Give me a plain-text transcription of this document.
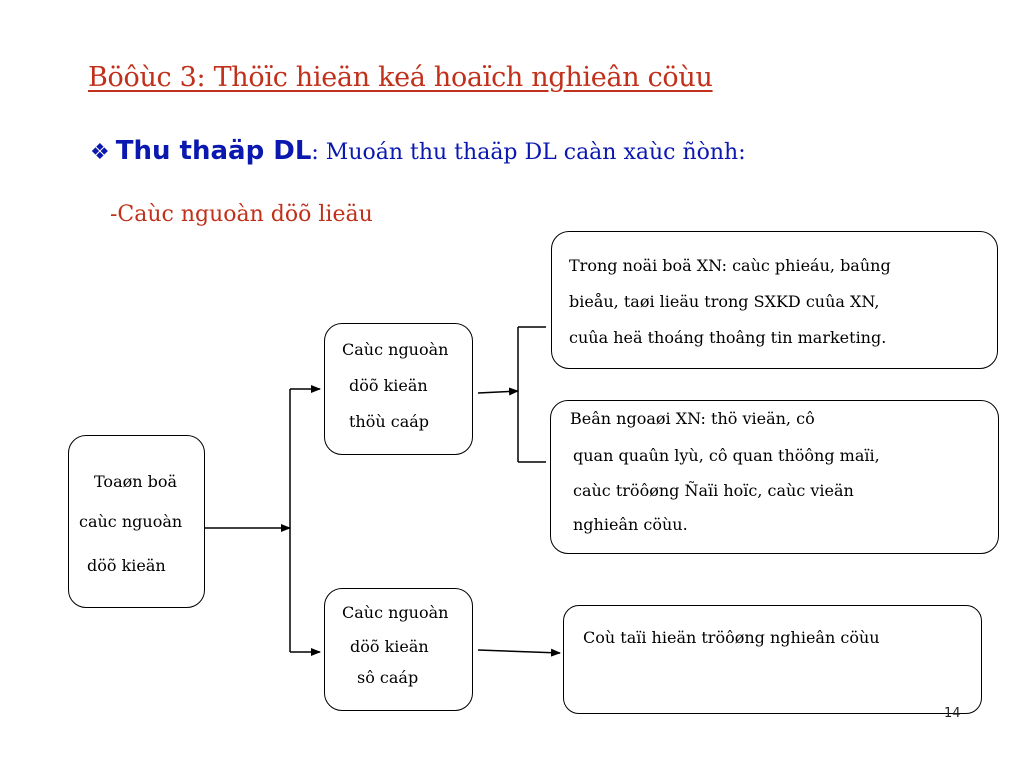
Böôùc 3: Thöïc hieän keá hoaïch nghieân cöùu
❖ Thu thaäp DL: Muoán thu thaäp DL caàn xaùc ñònh:
-Caùc nguoàn döõ lieäu
Toaøn boä
caùc nguoàn
döõ kieän
Caùc nguoàn
döõ kieän
thöù caáp
Caùc nguoàn
döõ kieän
sô caáp
Trong noäi boä XN: caùc phieáu, baûng
bieåu, taøi lieäu trong SXKD cuûa XN,
cuûa heä thoáng thoâng tin marketing.
Beân ngoaøi XN: thö vieän, cô
quan quaûn lyù, cô quan thöông maïi,
caùc tröôøng Ñaïi hoïc, caùc vieän
nghieân cöùu.
Coù taïi hieän tröôøng nghieân cöùu
14
